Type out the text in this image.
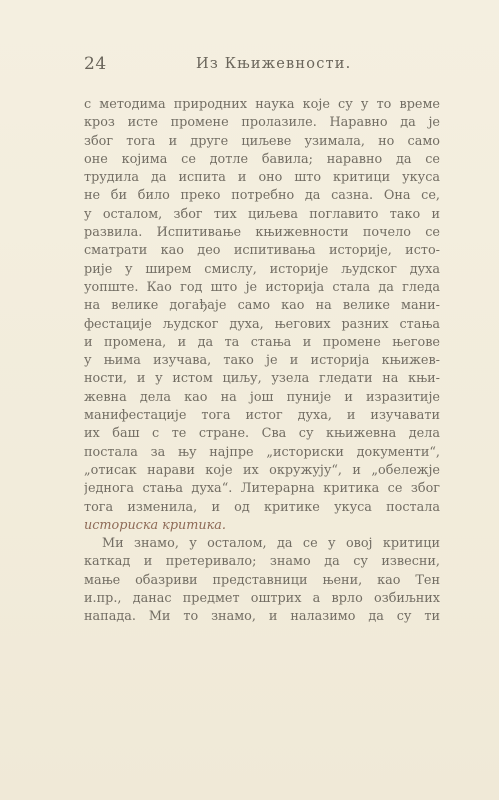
24	Из Књижевности.
с методима природних наука које су у то време
кроз исте промене пролазиле. Наравно да је
због тога и друге циљеве узимала, но само
оне којима се дотле бавила; наравно да се
трудила да испита и оно што критици укуса
не би било преко потребно да сазна. Она се,
у осталом, због тих циљева поглавито тако и
развила. Испитивање књижевности почело се
сматрати као део испитивања историје, исто-
рије у ширем смислу, историје људског духа
уопште. Као год што је историја стала да гледа
на велике догађаје само као на велике мани-
фестације људског духа, његових разних стања
и промена, и да та стања и промене његове
у њима изучава, тако је и историја књижев-
ности, и у истом циљу, узела гледати на књи-
жевна дела као на још пуније и изразитије
манифестације тога истог духа, и изучавати
их баш с те стране. Сва су књижевна дела
постала за њу најпре „историски документи“,
„отисак нарави које их окружују“, и „обележје
једнога стања духа“. Литерарна критика се због
тога изменила, и од критике укуса постала
историска критика.
Ми знамо, у осталом, да се у овој критици
каткад и претеривало; знамо да су извесни,
мање обазриви представници њени, као Тен
и.пр., данас предмет оштрих а врло озбиљних
напада. Ми то знамо, и налазимо да су ти
